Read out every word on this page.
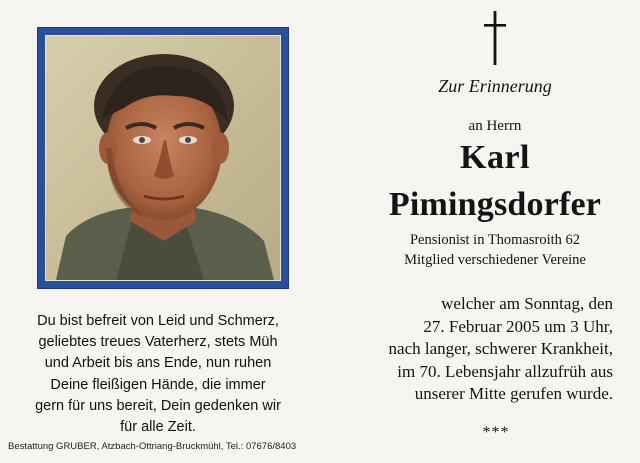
Du bist befreit von Leid und Schmerz,
geliebtes treues Vaterherz, stets Müh
und Arbeit bis ans Ende, nun ruhen
Deine fleißigen Hände, die immer
gern für uns bereit, Dein gedenken wir
für alle Zeit.
Bestattung GRUBER, Atzbach-Ottnang-Bruckmühl, Tel.: 07676/8403
Zur Erinnerung
an Herrn
Karl
Pimingsdorfer
Pensionist in Thomasroith 62
Mitglied verschiedener Vereine
welcher am Sonntag, den
27. Februar 2005 um 3 Uhr,
nach langer, schwerer Krankheit,
im 70. Lebensjahr allzufrüh aus
unserer Mitte gerufen wurde.
***
